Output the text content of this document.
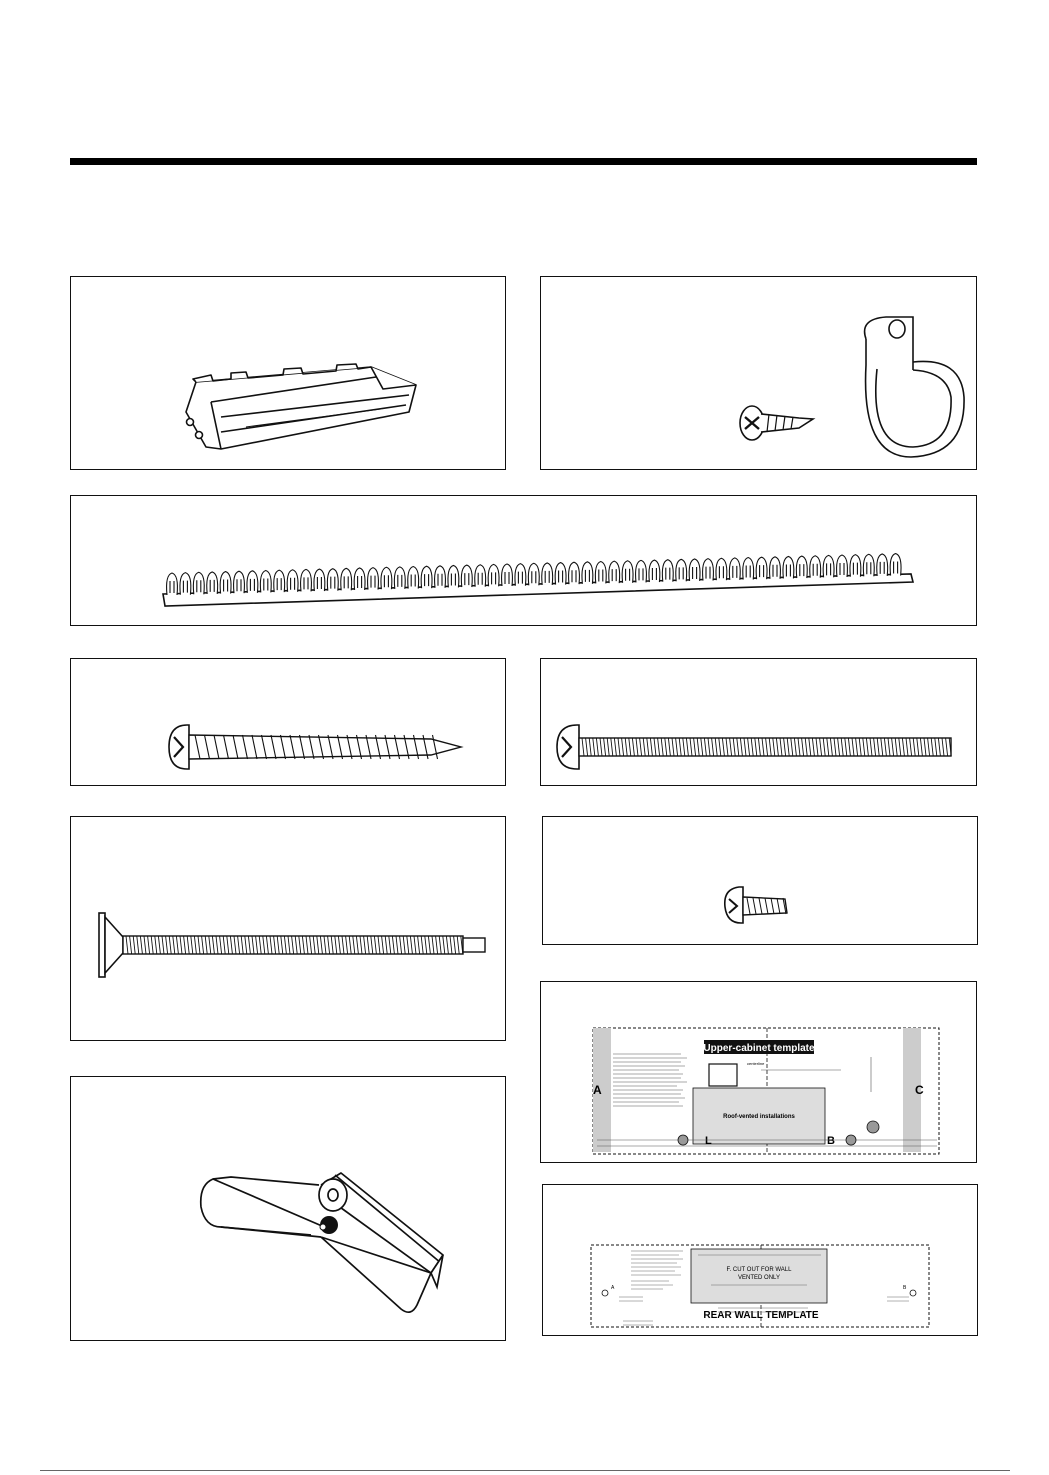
Upper-cabinet template
Roof-vented installations
centerline
A	C
L	B
F. CUT OUT FOR WALL
VENTED ONLY
REAR WALL TEMPLATE
A	B
